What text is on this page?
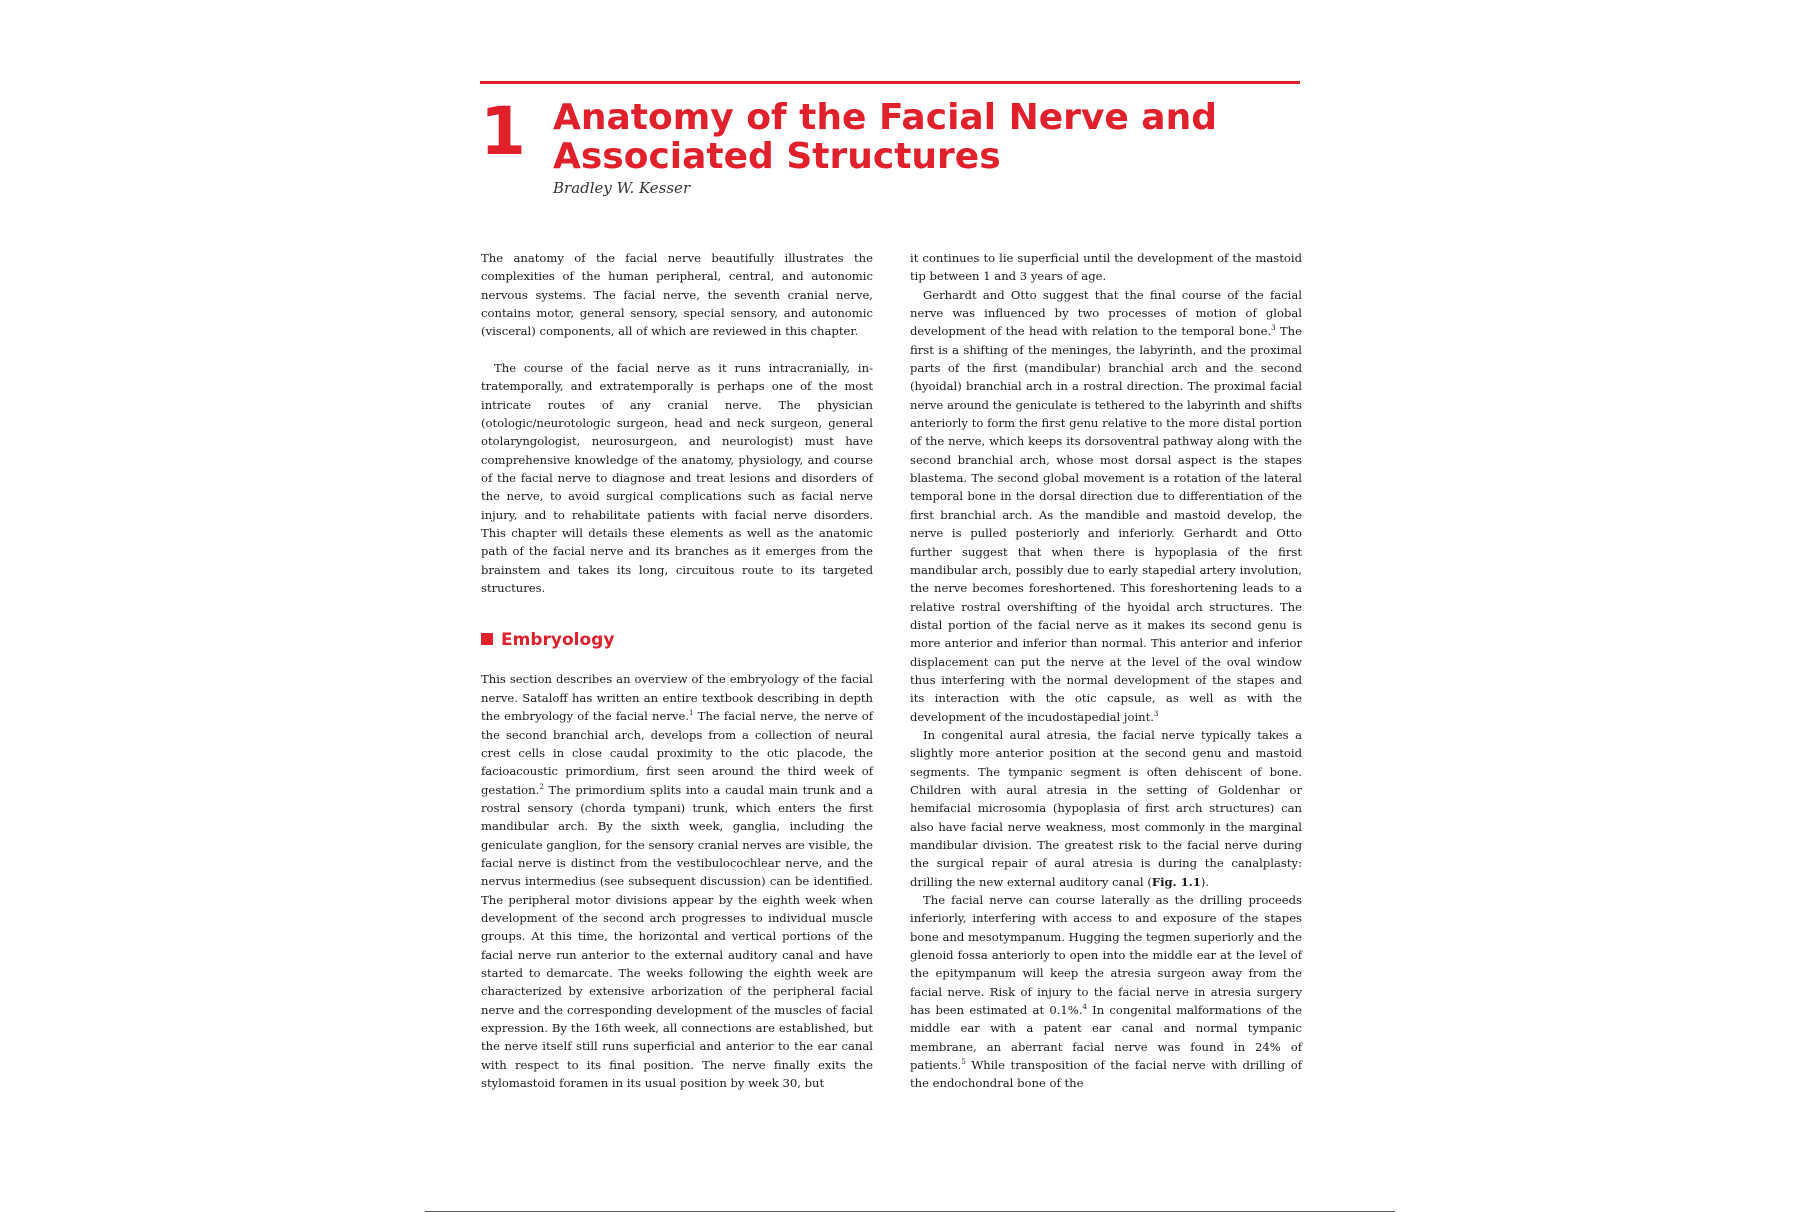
1 Anatomy of the Facial Nerve and
Associated Structures
Bradley W. Kesser

The anatomy of the facial nerve beautifully illustrates the complexities of the human peripheral, central, and autonomic nervous systems. The facial nerve, the seventh cranial nerve, contains motor, general sensory, special sensory, and autonomic (visceral) components, all of which are reviewed in this chapter.

The course of the facial nerve as it runs intracranially, intratemporally, and extratemporally is perhaps one of the most intricate routes of any cranial nerve. The physician (otologic/neurotologic surgeon, head and neck surgeon, general otolaryngologist, neurosurgeon, and neurologist) must have comprehensive knowledge of the anatomy, physiology, and course of the facial nerve to diagnose and treat lesions and disorders of the nerve, to avoid surgical complications such as facial nerve injury, and to rehabilitate patients with facial nerve disorders. This chapter will details these elements as well as the anatomic path of the facial nerve and its branches as it emerges from the brainstem and takes its long, circuitous route to its targeted structures.

Embryology

This section describes an overview of the embryology of the facial nerve. Sataloff has written an entire textbook describing in depth the embryology of the facial nerve.$^1$ The facial nerve, the nerve of the second branchial arch, develops from a collection of neural crest cells in close caudal proximity to the otic placode, the facioacoustic primordium, first seen around the third week of gestation.$^2$ The primordium splits into a caudal main trunk and a rostral sensory (chorda tympani) trunk, which enters the first mandibular arch. By the sixth week, ganglia, including the geniculate ganglion, for the sensory cranial nerves are visible, the facial nerve is distinct from the vestibulocochlear nerve, and the nervus intermedius (see subsequent discussion) can be identified. The peripheral motor divisions appear by the eighth week when development of the second arch progresses to individual muscle groups. At this time, the horizontal and vertical portions of the facial nerve run anterior to the external auditory canal and have started to demarcate. The weeks following the eighth week are characterized by extensive arborization of the peripheral facial nerve and the corresponding development of the muscles of facial expression. By the 16th week, all connections are established, but the nerve itself still runs superficial and anterior to the ear canal with respect to its final position. The nerve finally exits the stylomastoid foramen in its usual position by week 30, but

it continues to lie superficial until the development of the mastoid tip between 1 and 3 years of age.

Gerhardt and Otto suggest that the final course of the facial nerve was influenced by two processes of motion of global development of the head with relation to the temporal bone.$^3$ The first is a shifting of the meninges, the labyrinth, and the proximal parts of the first (mandibular) branchial arch and the second (hyoidal) branchial arch in a rostral direction. The proximal facial nerve around the geniculate is tethered to the labyrinth and shifts anteriorly to form the first genu relative to the more distal portion of the nerve, which keeps its dorsoventral pathway along with the second branchial arch, whose most dorsal aspect is the stapes blastema. The second global movement is a rotation of the lateral temporal bone in the dorsal direction due to differentiation of the first branchial arch. As the mandible and mastoid develop, the nerve is pulled posteriorly and inferiorly. Gerhardt and Otto further suggest that when there is hypoplasia of the first mandibular arch, possibly due to early stapedial artery involution, the nerve becomes foreshortened. This foreshortening leads to a relative rostral overshifting of the hyoidal arch structures. The distal portion of the facial nerve as it makes its second genu is more anterior and inferior than normal. This anterior and inferior displacement can put the nerve at the level of the oval window thus interfering with the normal development of the stapes and its interaction with the otic capsule, as well as with the development of the incudostapedial joint.$^3$

In congenital aural atresia, the facial nerve typically takes a slightly more anterior position at the second genu and mastoid segments. The tympanic segment is often dehiscent of bone. Children with aural atresia in the setting of Goldenhar or hemifacial microsomia (hypoplasia of first arch structures) can also have facial nerve weakness, most commonly in the marginal mandibular division. The greatest risk to the facial nerve during the surgical repair of aural atresia is during the canalplasty: drilling the new external auditory canal (Fig. 1.1).

The facial nerve can course laterally as the drilling proceeds inferiorly, interfering with access to and exposure of the stapes bone and mesotympanum. Hugging the tegmen superiorly and the glenoid fossa anteriorly to open into the middle ear at the level of the epitympanum will keep the atresia surgeon away from the facial nerve. Risk of injury to the facial nerve in atresia surgery has been estimated at 0.1%.$^4$ In congenital malformations of the middle ear with a patent ear canal and normal tympanic membrane, an aberrant facial nerve was found in 24% of patients.$^5$ While transposition of the facial nerve with drilling of the endochondral bone of the
